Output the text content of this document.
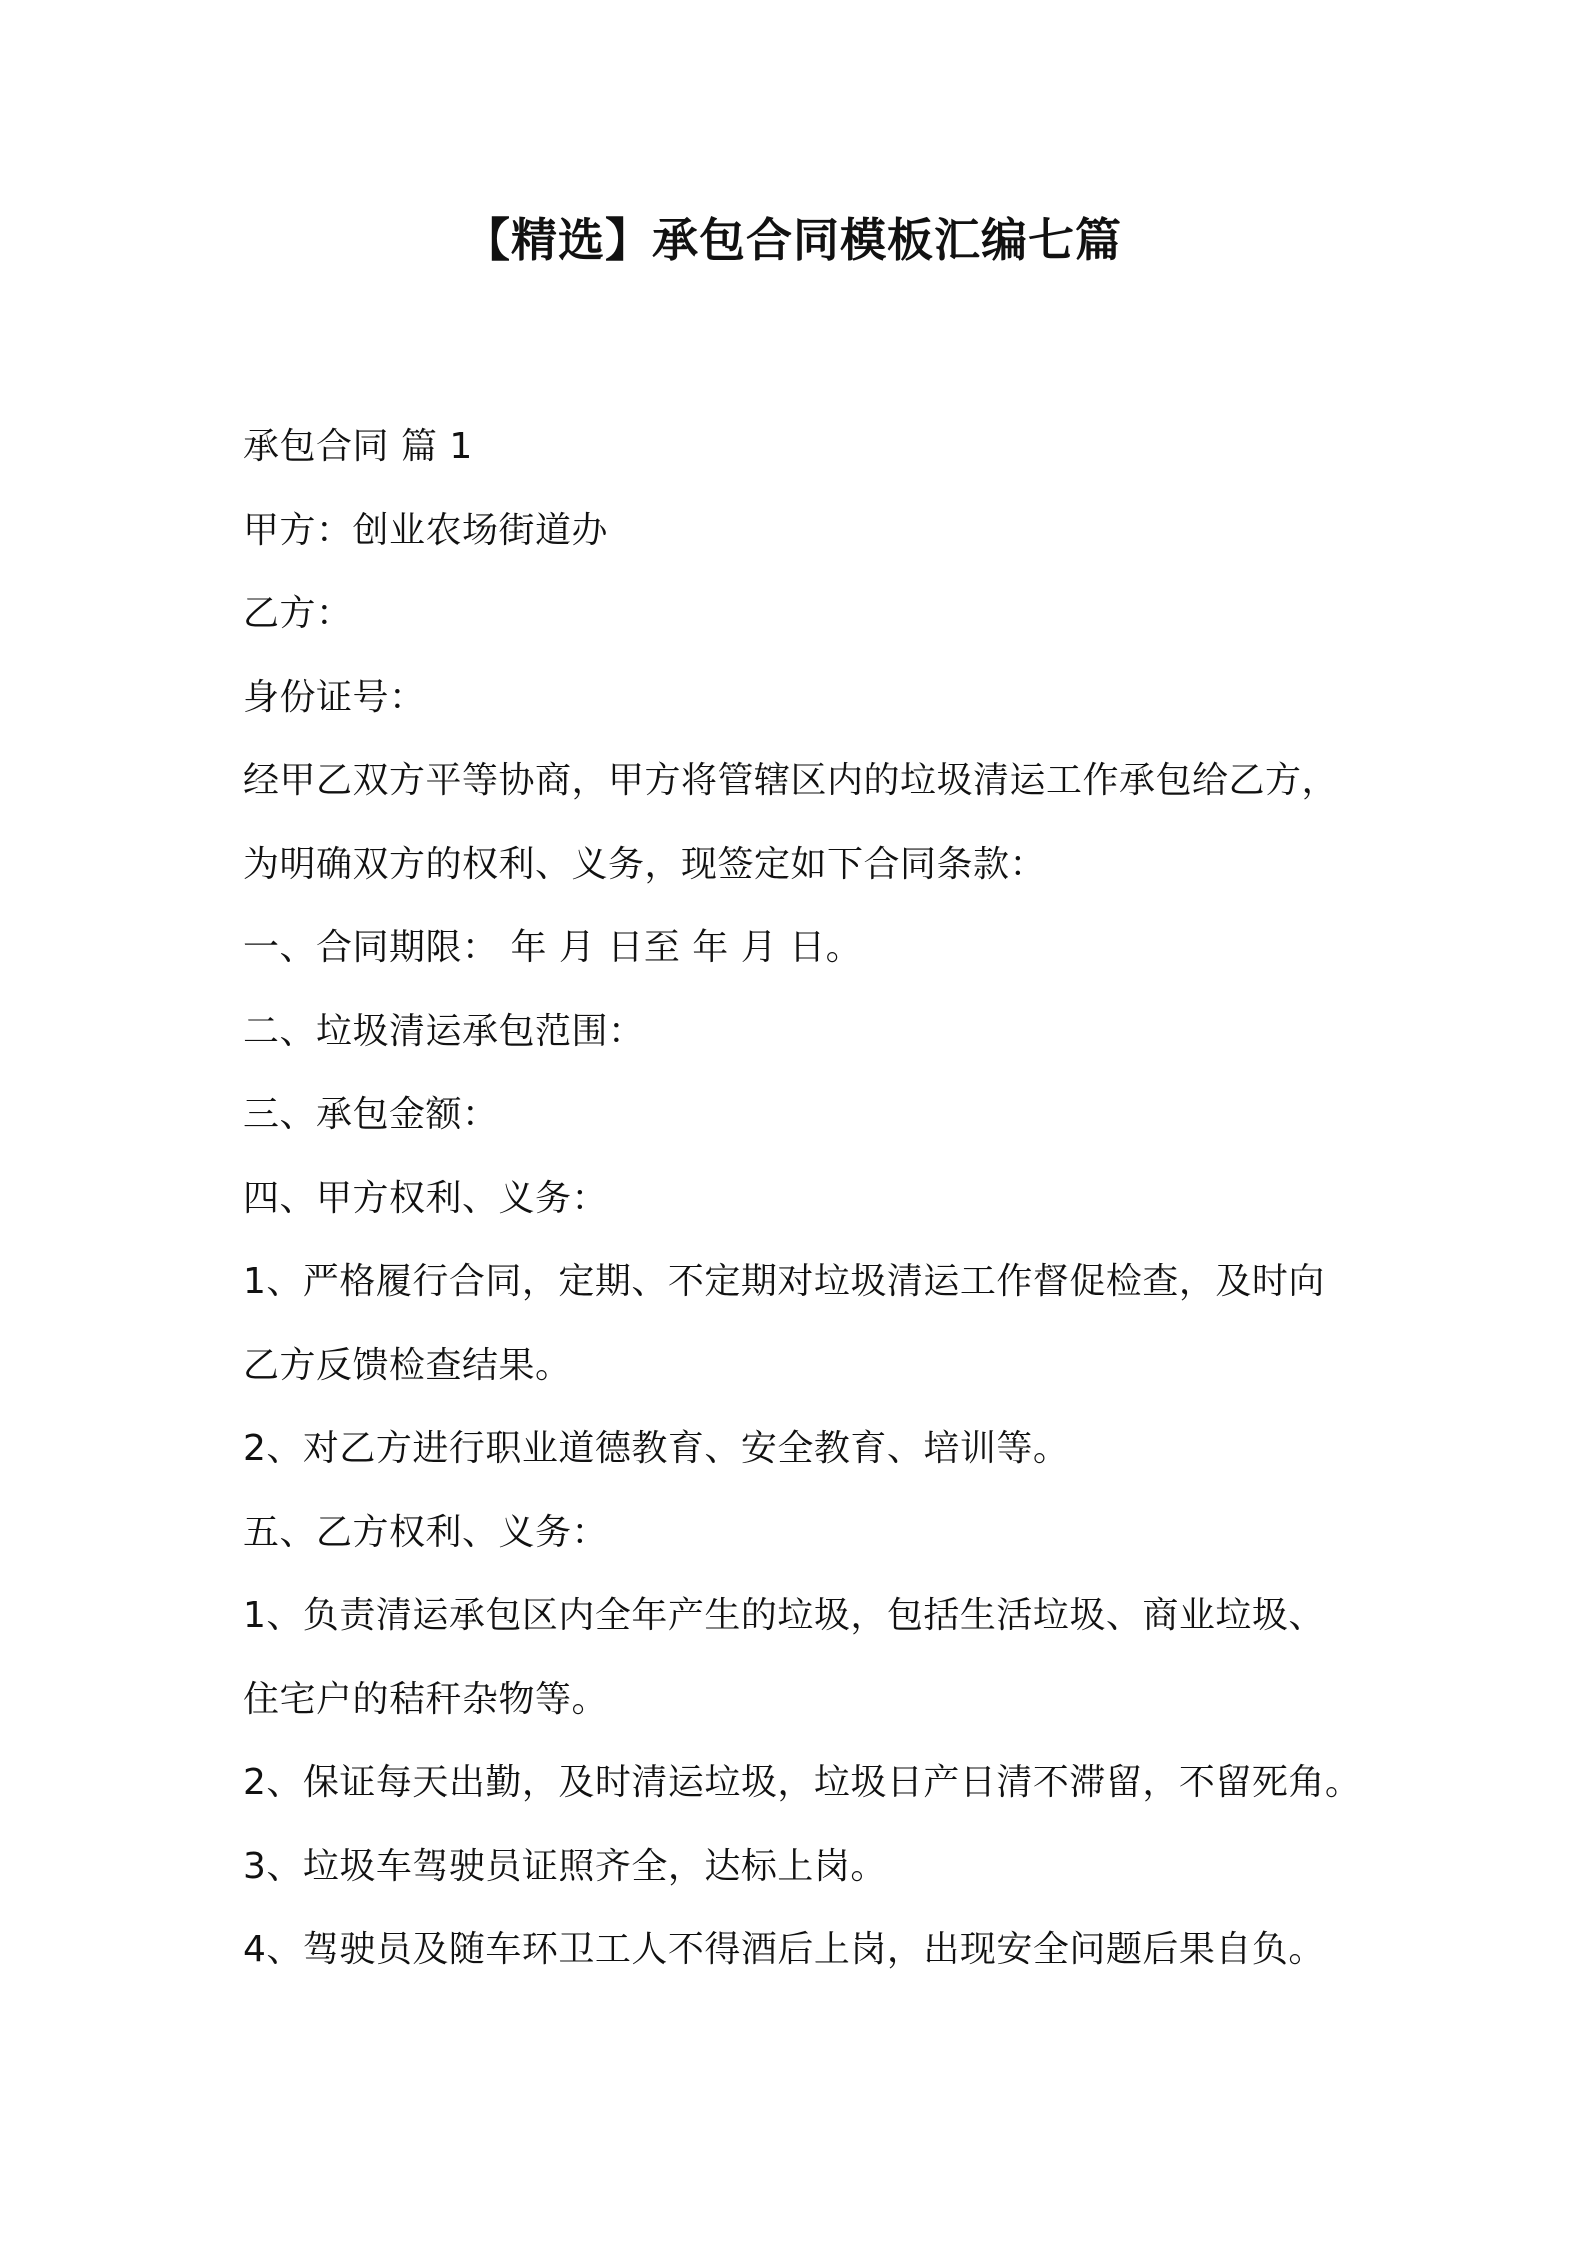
【精选】承包合同模板汇编七篇
承包合同 篇 1
甲方：创业农场街道办
乙方：
身份证号：
经甲乙双方平等协商，甲方将管辖区内的垃圾清运工作承包给乙方，
为明确双方的权利、义务，现签定如下合同条款：
一、合同期限： 年 月 日至 年 月 日。
二、垃圾清运承包范围：
三、承包金额：
四、甲方权利、义务：
1、严格履行合同，定期、不定期对垃圾清运工作督促检查，及时向
乙方反馈检查结果。
2、对乙方进行职业道德教育、安全教育、培训等。
五、乙方权利、义务：
1、负责清运承包区内全年产生的垃圾，包括生活垃圾、商业垃圾、
住宅户的秸秆杂物等。
2、保证每天出勤，及时清运垃圾，垃圾日产日清不滞留，不留死角。
3、垃圾车驾驶员证照齐全，达标上岗。
4、驾驶员及随车环卫工人不得酒后上岗，出现安全问题后果自负。
